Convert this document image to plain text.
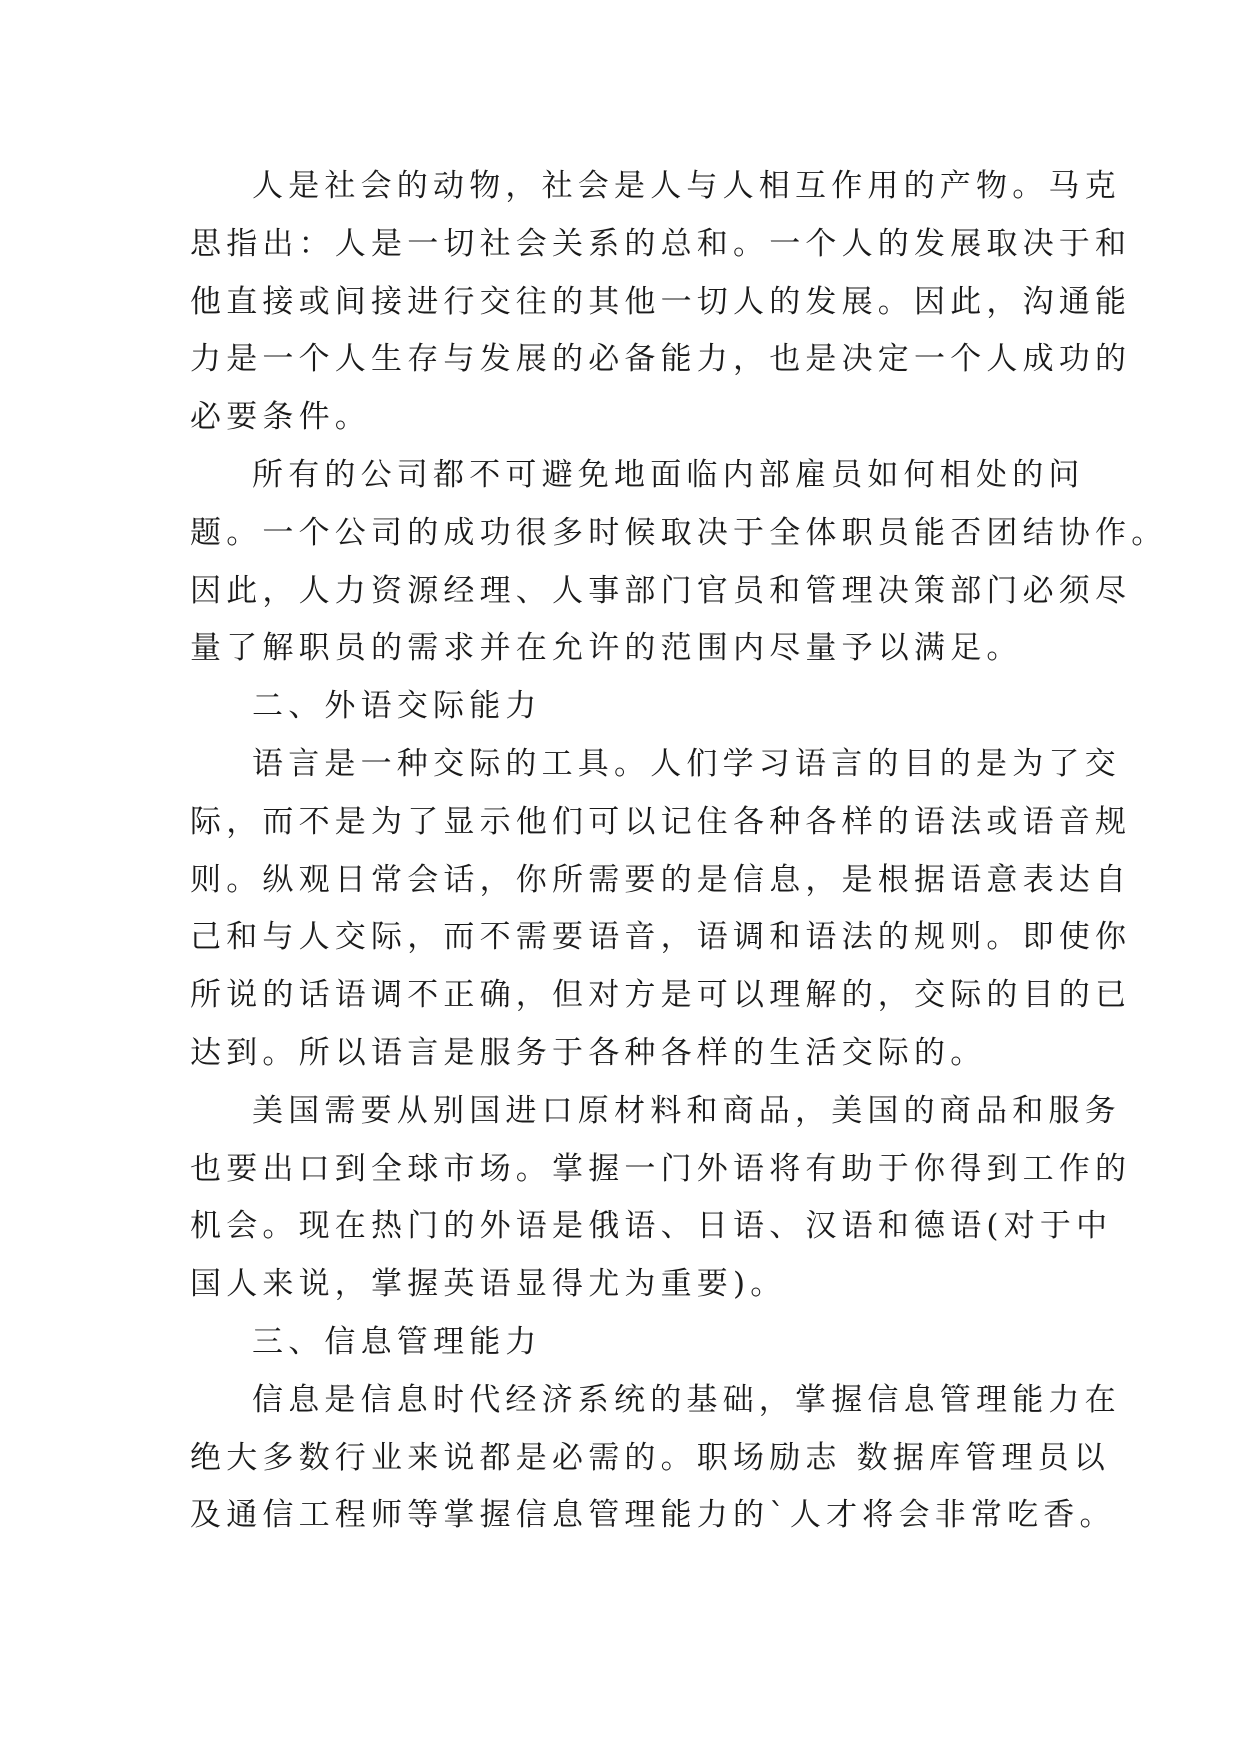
人是社会的动物，社会是人与人相互作用的产物。马克
思指出：人是一切社会关系的总和。一个人的发展取决于和
他直接或间接进行交往的其他一切人的发展。因此，沟通能
力是一个人生存与发展的必备能力，也是决定一个人成功的
必要条件。
所有的公司都不可避免地面临内部雇员如何相处的问
题。一个公司的成功很多时候取决于全体职员能否团结协作。
因此，人力资源经理、人事部门官员和管理决策部门必须尽
量了解职员的需求并在允许的范围内尽量予以满足。
二、外语交际能力
语言是一种交际的工具。人们学习语言的目的是为了交
际，而不是为了显示他们可以记住各种各样的语法或语音规
则。纵观日常会话，你所需要的是信息，是根据语意表达自
己和与人交际，而不需要语音，语调和语法的规则。即使你
所说的话语调不正确，但对方是可以理解的，交际的目的已
达到。所以语言是服务于各种各样的生活交际的。
美国需要从别国进口原材料和商品，美国的商品和服务
也要出口到全球市场。掌握一门外语将有助于你得到工作的
机会。现在热门的外语是俄语、日语、汉语和德语(对于中
国人来说，掌握英语显得尤为重要)。
三、信息管理能力
信息是信息时代经济系统的基础，掌握信息管理能力在
绝大多数行业来说都是必需的。职场励志 数据库管理员以
及通信工程师等掌握信息管理能力的`人才将会非常吃香。
